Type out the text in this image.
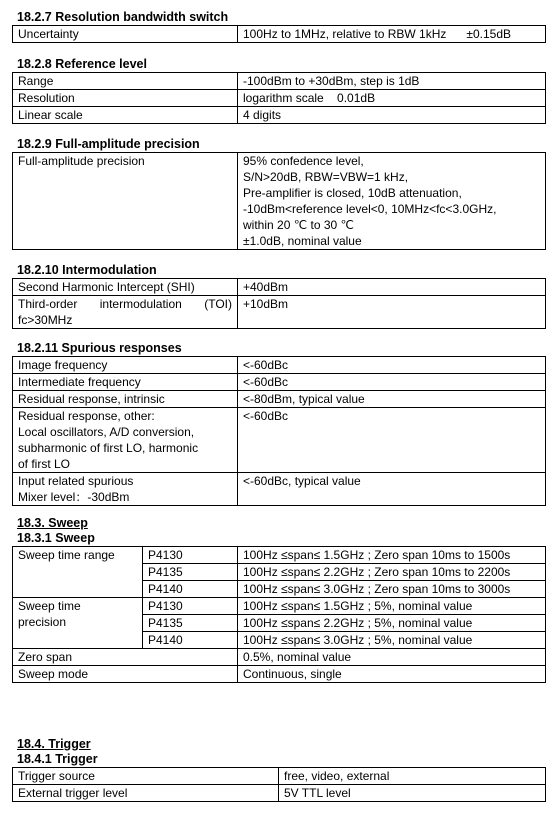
18.2.7 Resolution bandwidth switch
Uncertainty	100Hz to 1MHz, relative to RBW 1kHz      ±0.15dB
18.2.8 Reference level
Range	-100dBm to +30dBm, step is 1dB
Resolution	logarithm scale    0.01dB
Linear scale	4 digits
18.2.9 Full-amplitude precision
Full-amplitude precision	95% confedence level,
S/N>20dB, RBW=VBW=1 kHz,
Pre-amplifier is closed, 10dB attenuation,
-10dBm<reference level<0, 10MHz<fc<3.0GHz,
within 20 ℃ to 30 ℃
±1.0dB, nominal value
18.2.10 Intermodulation
Second Harmonic Intercept (SHI)	+40dBm
Third-order intermodulation (TOI) fc>30MHz	+10dBm
18.2.11 Spurious responses
Image frequency	<-60dBc
Intermediate frequency	<-60dBc
Residual response, intrinsic	<-80dBm, typical value

Residual response, other:
Local oscillators, A/D conversion,
subharmonic of first LO, harmonic
of first LO	<-60dBc

Input related spurious
Mixer level：-30dBm	<-60dBc, typical value
18.3. Sweep
18.3.1 Sweep
Sweep time range	P4130	100Hz ≤span≤ 1.5GHz ; Zero span 10ms to 1500s
	P4135	100Hz ≤span≤ 2.2GHz ; Zero span 10ms to 2200s
	P4140	100Hz ≤span≤ 3.0GHz ; Zero span 10ms to 3000s

Sweep time
precision	P4130	100Hz ≤span≤ 1.5GHz ; 5%, nominal value
	P4135	100Hz ≤span≤ 2.2GHz ; 5%, nominal value
	P4140	100Hz ≤span≤ 3.0GHz ; 5%, nominal value
Zero span		0.5%, nominal value
Sweep mode		Continuous, single
18.4. Trigger
18.4.1 Trigger
Trigger source	free, video, external
External trigger level	5V TTL level
